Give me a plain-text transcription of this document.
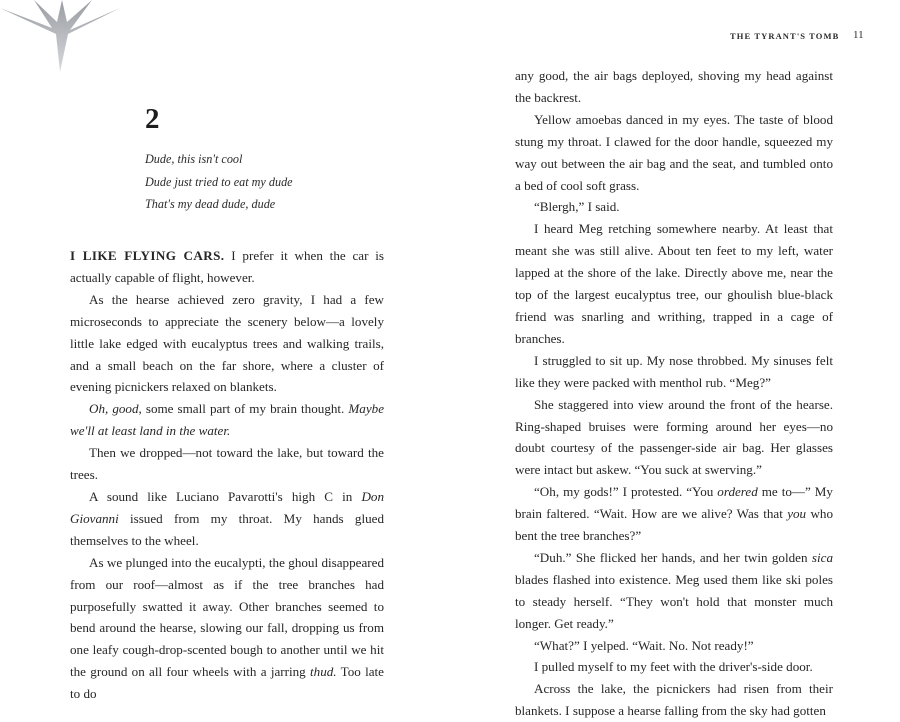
2
Dude, this isn't cool
Dude just tried to eat my dude
That's my dead dude, dude

I LIKE FLYING CARS. I prefer it when the car is actually capable of flight, however.

As the hearse achieved zero gravity, I had a few microseconds to appreciate the scenery below—a lovely little lake edged with eucalyptus trees and walking trails, and a small beach on the far shore, where a cluster of evening picnickers relaxed on blankets.

Oh, good, some small part of my brain thought. Maybe we'll at least land in the water.

Then we dropped—not toward the lake, but toward the trees.

A sound like Luciano Pavarotti's high C in Don Giovanni issued from my throat. My hands glued themselves to the wheel.

As we plunged into the eucalypti, the ghoul disappeared from our roof—almost as if the tree branches had purposefully swatted it away. Other branches seemed to bend around the hearse, slowing our fall, dropping us from one leafy cough-drop-scented bough to another until we hit the ground on all four wheels with a jarring thud. Too late to do

THE TYRANT'S TOMB 11

any good, the air bags deployed, shoving my head against the backrest.

Yellow amoebas danced in my eyes. The taste of blood stung my throat. I clawed for the door handle, squeezed my way out between the air bag and the seat, and tumbled onto a bed of cool soft grass.

“Blergh,” I said.

I heard Meg retching somewhere nearby. At least that meant she was still alive. About ten feet to my left, water lapped at the shore of the lake. Directly above me, near the top of the largest eucalyptus tree, our ghoulish blue-black friend was snarling and writhing, trapped in a cage of branches.

I struggled to sit up. My nose throbbed. My sinuses felt like they were packed with menthol rub. “Meg?”

She staggered into view around the front of the hearse. Ring-shaped bruises were forming around her eyes—no doubt courtesy of the passenger-side air bag. Her glasses were intact but askew. “You suck at swerving.”

“Oh, my gods!” I protested. “You ordered me to—” My brain faltered. “Wait. How are we alive? Was that you who bent the tree branches?”

“Duh.” She flicked her hands, and her twin golden sica blades flashed into existence. Meg used them like ski poles to steady herself. “They won't hold that monster much longer. Get ready.”

“What?” I yelped. “Wait. No. Not ready!”

I pulled myself to my feet with the driver's-side door.

Across the lake, the picnickers had risen from their blankets. I suppose a hearse falling from the sky had gotten
